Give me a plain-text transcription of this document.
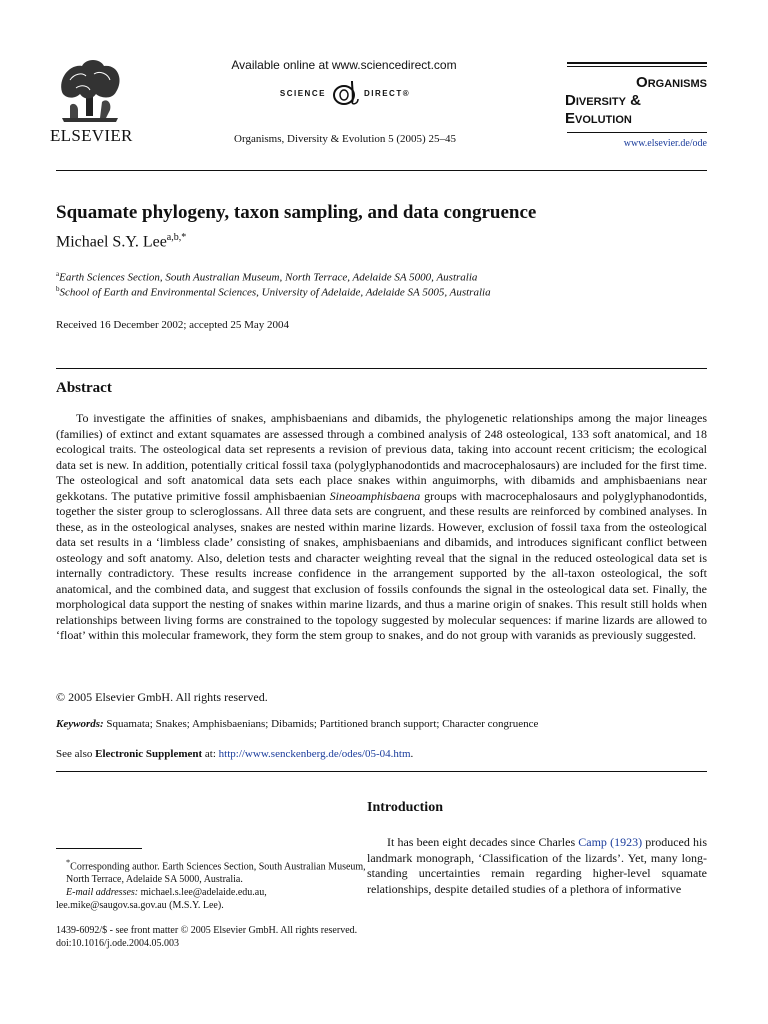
ELSEVIER
Available online at www.sciencedirect.com
SCIENCE	DIRECT®
Organisms, Diversity & Evolution 5 (2005) 25–45
Organisms
Diversity &
Evolution
www.elsevier.de/ode
Squamate phylogeny, taxon sampling, and data congruence
Michael S.Y. Lee$^{a,b,*}$
$^a$Earth Sciences Section, South Australian Museum, North Terrace, Adelaide SA 5000, Australia
$^b$School of Earth and Environmental Sciences, University of Adelaide, Adelaide SA 5005, Australia
Received 16 December 2002; accepted 25 May 2004
Abstract

To investigate the affinities of snakes, amphisbaenians and dibamids, the phylogenetic relationships among the major lineages (families) of extinct and extant squamates are assessed through a combined analysis of 248 osteological, 133 soft anatomical, and 18 ecological traits. The osteological data set represents a revision of previous data, taking into account recent criticism; the ecological data set is new. In addition, potentially critical fossil taxa (polyglyphanodontids and macrocephalosaurs) are included for the first time. The osteological and soft anatomical data sets each place snakes within anguimorphs, with dibamids and amphisbaenians near gekkotans. The putative primitive fossil amphisbaenian Sineoamphisbaena groups with macrocephalosaurs and polyglyphanodontids, together the sister group to scleroglossans. All three data sets are congruent, and these results are reinforced by combined analyses. In these, as in the osteological analyses, snakes are nested within marine lizards. However, exclusion of fossil taxa from the osteological data set results in a ‘limbless clade’ consisting of snakes, amphisbaenians and dibamids, and introduces significant conflict between osteology and soft anatomy. Also, deletion tests and character weighting reveal that the signal in the reduced osteological data set is internally contradictory. These results increase confidence in the arrangement supported by the all-taxon osteological, the soft anatomical, and the combined data, and suggest that exclusion of fossils confounds the signal in the osteological data set. Finally, the morphological data support the nesting of snakes within marine lizards, and thus a marine origin of snakes. This result still holds when relationships between living forms are constrained to the topology suggested by molecular sequences: if marine lizards are allowed to ‘float’ within this molecular framework, they form the stem group to snakes, and do not group with varanids as previously suggested.

© 2005 Elsevier GmbH. All rights reserved.
Keywords: Squamata; Snakes; Amphisbaenians; Dibamids; Partitioned branch support; Character congruence
See also Electronic Supplement at: http://www.senckenberg.de/odes/05-04.htm.
Introduction

It has been eight decades since Charles Camp (1923) produced his landmark monograph, ‘Classification of the lizards’. Yet, many long-standing uncertainties remain regarding higher-level squamate relationships, despite detailed studies of a plethora of informative

*Corresponding author. Earth Sciences Section, South Australian Museum, North Terrace, Adelaide SA 5000, Australia.
E-mail addresses: michael.s.lee@adelaide.edu.au,
lee.mike@saugov.sa.gov.au (M.S.Y. Lee).
1439-6092/$ - see front matter © 2005 Elsevier GmbH. All rights reserved.
doi:10.1016/j.ode.2004.05.003
